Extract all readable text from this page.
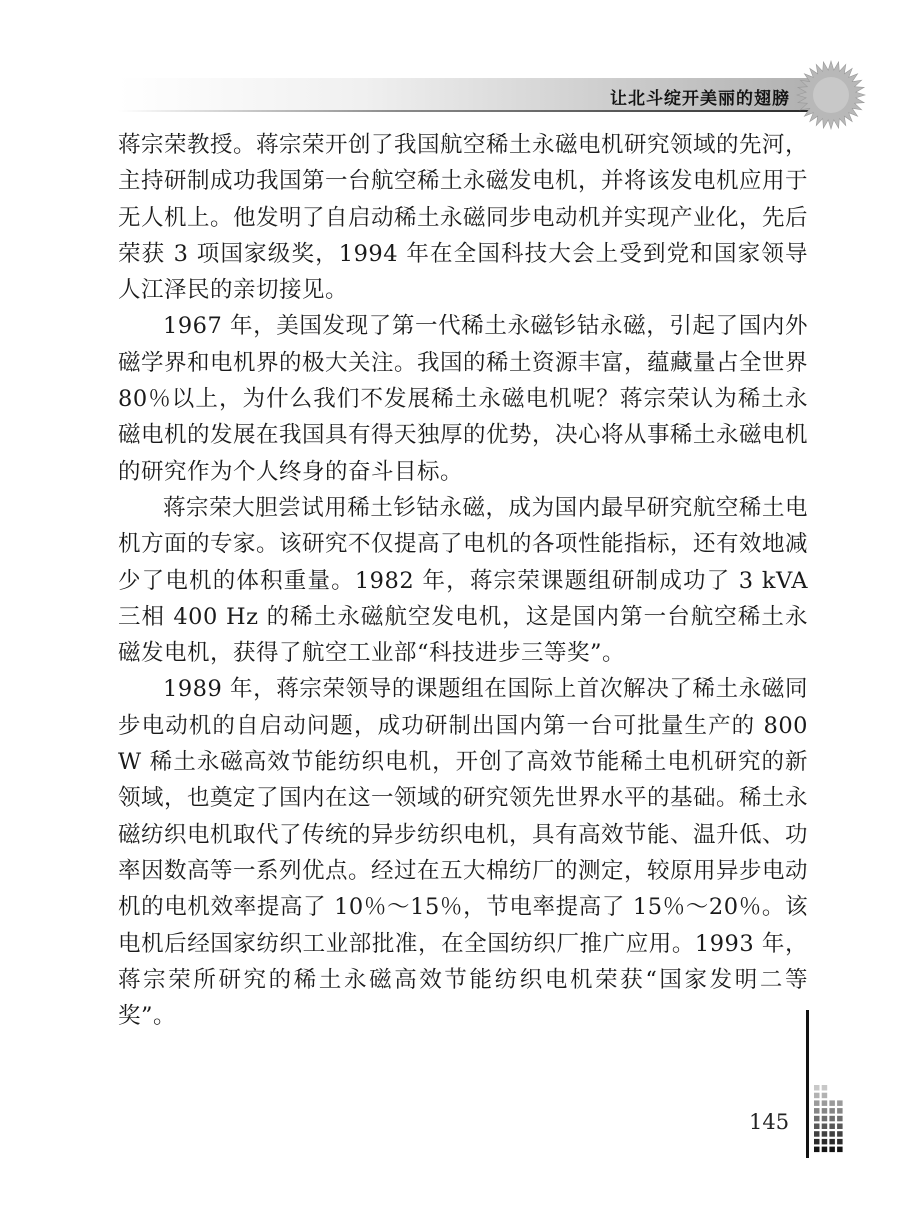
让北斗绽开美丽的翅膀

蒋宗荣教授。蒋宗荣开创了我国航空稀土永磁电机研究领域的先河，主持研制成功我国第一台航空稀土永磁发电机，并将该发电机应用于无人机上。他发明了自启动稀土永磁同步电动机并实现产业化，先后荣获 3 项国家级奖，1994 年在全国科技大会上受到党和国家领导人江泽民的亲切接见。

1967 年，美国发现了第一代稀土永磁钐钴永磁，引起了国内外磁学界和电机界的极大关注。我国的稀土资源丰富，蕴藏量占全世界 80％以上，为什么我们不发展稀土永磁电机呢？蒋宗荣认为稀土永磁电机的发展在我国具有得天独厚的优势，决心将从事稀土永磁电机的研究作为个人终身的奋斗目标。

蒋宗荣大胆尝试用稀土钐钴永磁，成为国内最早研究航空稀土电机方面的专家。该研究不仅提高了电机的各项性能指标，还有效地减少了电机的体积重量。1982 年，蒋宗荣课题组研制成功了 3 kVA 三相 400 Hz 的稀土永磁航空发电机，这是国内第一台航空稀土永磁发电机，获得了航空工业部“科技进步三等奖”。

1989 年，蒋宗荣领导的课题组在国际上首次解决了稀土永磁同步电动机的自启动问题，成功研制出国内第一台可批量生产的 800 W 稀土永磁高效节能纺织电机，开创了高效节能稀土电机研究的新领域，也奠定了国内在这一领域的研究领先世界水平的基础。稀土永磁纺织电机取代了传统的异步纺织电机，具有高效节能、温升低、功率因数高等一系列优点。经过在五大棉纺厂的测定，较原用异步电动机的电机效率提高了 10％～15％，节电率提高了 15％～20％。该电机后经国家纺织工业部批准，在全国纺织厂推广应用。1993 年，蒋宗荣所研究的稀土永磁高效节能纺织电机荣获“国家发明二等奖”。

145
